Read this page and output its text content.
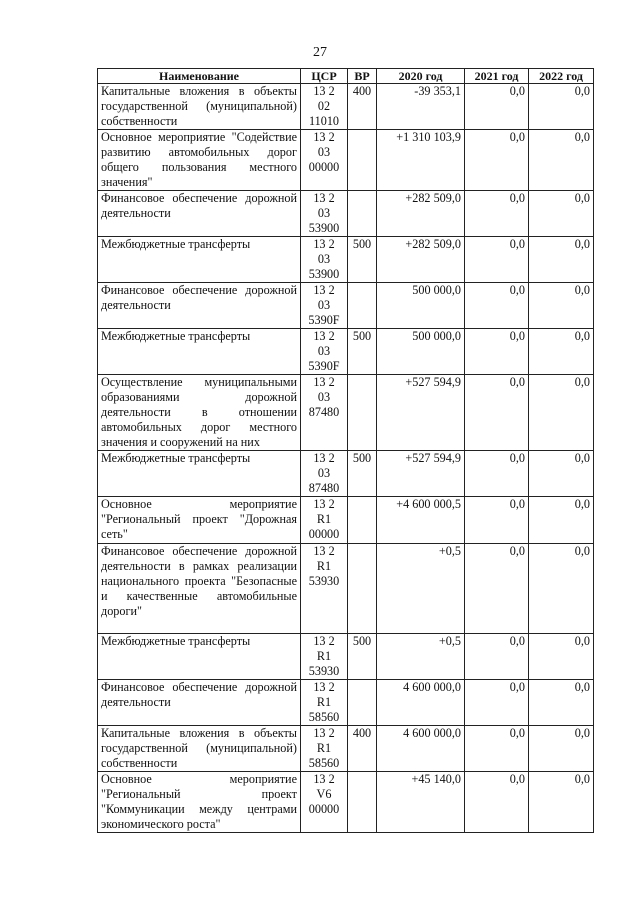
27
Наименование	ЦСР	ВР	2020 год	2021 год	2022 год
Капитальные вложения в объекты государственной (муниципальной) собственности	13 2
02
11010	400	-39 353,1	0,0	0,0
Основное мероприятие "Содействие развитию автомобильных дорог общего пользования местного значения"	13 2
03
00000		+1 310 103,9	0,0	0,0
Финансовое обеспечение дорожной деятельности	13 2
03
53900		+282 509,0	0,0	0,0
Межбюджетные трансферты	13 2
03
53900	500	+282 509,0	0,0	0,0
Финансовое обеспечение дорожной деятельности	13 2
03
5390F		500 000,0	0,0	0,0
Межбюджетные трансферты	13 2
03
5390F	500	500 000,0	0,0	0,0
Осуществление муниципальными образованиями дорожной деятельности в отношении автомобильных дорог местного значения и сооружений на них	13 2
03
87480		+527 594,9	0,0	0,0
Межбюджетные трансферты	13 2
03
87480	500	+527 594,9	0,0	0,0
Основное мероприятие "Региональный проект "Дорожная сеть"	13 2
R1
00000		+4 600 000,5	0,0	0,0
Финансовое обеспечение дорожной деятельности в рамках реализации национального проекта "Безопасные и качественные автомобильные дороги"	13 2
R1
53930		+0,5	0,0	0,0
Межбюджетные трансферты	13 2
R1
53930	500	+0,5	0,0	0,0
Финансовое обеспечение дорожной деятельности	13 2
R1
58560		4 600 000,0	0,0	0,0
Капитальные вложения в объекты государственной (муниципальной) собственности	13 2
R1
58560	400	4 600 000,0	0,0	0,0
Основное мероприятие "Региональный проект "Коммуникации между центрами экономического роста"	13 2
V6
00000		+45 140,0	0,0	0,0
